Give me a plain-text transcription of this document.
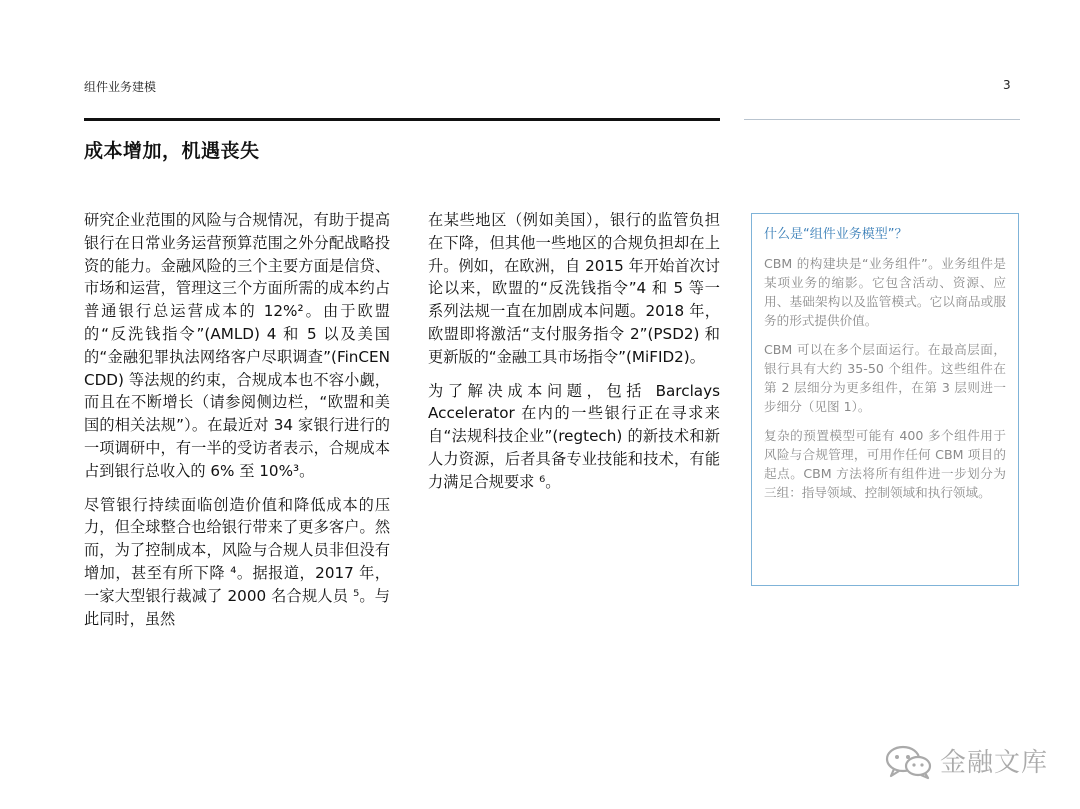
组件业务建模	3
成本增加，机遇丧失

研究企业范围的风险与合规情况，有助于提高银行在日常业务运营预算范围之外分配战略投资的能力。金融风险的三个主要方面是信贷、市场和运营，管理这三个方面所需的成本约占普通银行总运营成本的 12%²。由于欧盟的“反洗钱指令”(AMLD) 4 和 5 以及美国的“金融犯罪执法网络客户尽职调查”(FinCEN CDD) 等法规的约束，合规成本也不容小觑，而且在不断增长（请参阅侧边栏，“欧盟和美国的相关法规”）。在最近对 34 家银行进行的一项调研中，有一半的受访者表示，合规成本占到银行总收入的 6% 至 10%³。

尽管银行持续面临创造价值和降低成本的压力，但全球整合也给银行带来了更多客户。然而，为了控制成本，风险与合规人员非但没有增加，甚至有所下降 ⁴。据报道，2017 年，一家大型银行裁减了 2000 名合规人员 ⁵。与此同时，虽然

在某些地区（例如美国），银行的监管负担在下降，但其他一些地区的合规负担却在上升。例如，在欧洲，自 2015 年开始首次讨论以来，欧盟的“反洗钱指令”4 和 5 等一系列法规一直在加剧成本问题。2018 年，欧盟即将激活“支付服务指令 2”(PSD2) 和更新版的“金融工具市场指令”(MiFID2)。

为了解决成本问题，包括 Barclays Accelerator 在内的一些银行正在寻求来自“法规科技企业”(regtech) 的新技术和新人力资源，后者具备专业技能和技术，有能力满足合规要求 ⁶。

什么是“组件业务模型”？

CBM 的构建块是“业务组件”。业务组件是某项业务的缩影。它包含活动、资源、应用、基础架构以及监管模式。它以商品或服务的形式提供价值。

CBM 可以在多个层面运行。在最高层面，银行具有大约 35-50 个组件。这些组件在第 2 层细分为更多组件，在第 3 层则进一步细分（见图 1）。

复杂的预置模型可能有 400 多个组件用于风险与合规管理，可用作任何 CBM 项目的起点。CBM 方法将所有组件进一步划分为三组：指导领域、控制领域和执行领域。

金融文库
